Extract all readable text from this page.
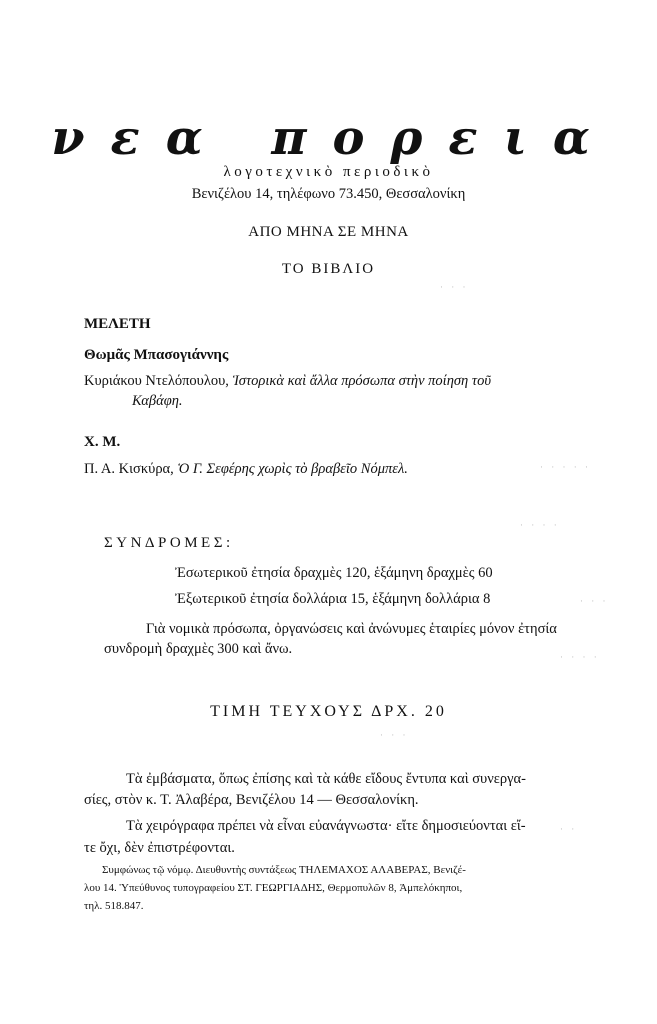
νεα πορεια
λογοτεχνικὸ περιοδικὸ
Βενιζέλου 14, τηλέφωνο 73.450, Θεσσαλονίκη
ΑΠΟ ΜΗΝΑ ΣΕ ΜΗΝΑ
ΤΟ ΒΙΒΛΙΟ
ΜΕΛΕΤΗ
Θωμᾶς Μπασογιάννης
Κυριάκου Ντελόπουλου, Ἱστορικὰ καὶ ἄλλα πρόσωπα στὴν ποίηση τοῦ
Καβάφη.
Χ. Μ.
Π. Α. Κισκύρα, Ὁ Γ. Σεφέρης χωρὶς τὸ βραβεῖο Νόμπελ.
ΣΥΝΔΡΟΜΕΣ:
Ἐσωτερικοῦ ἐτησία δραχμὲς 120, ἑξάμηνη δραχμὲς 60
Ἐξωτερικοῦ ἐτησία δολλάρια 15, ἑξάμηνη δολλάρια 8
Γιὰ νομικὰ πρόσωπα, ὀργανώσεις καὶ ἀνώνυμες ἑταιρίες μόνον ἐτησία
συνδρομὴ δραχμὲς 300 καὶ ἄνω.
ΤΙΜΗ ΤΕΥΧΟΥΣ ΔΡΧ. 20
Τὰ ἐμβάσματα, ὅπως ἐπίσης καὶ τὰ κάθε εἴδους ἔντυπα καὶ συνεργα-
σίες, στὸν κ. Τ. Ἀλαβέρα, Βενιζέλου 14 — Θεσσαλονίκη.
Τὰ χειρόγραφα πρέπει νὰ εἶναι εὐανάγνωστα· εἴτε δημοσιεύονται εἴ-
τε ὄχι, δὲν ἐπιστρέφονται.
Συμφώνως τῷ νόμῳ. Διευθυντὴς συντάξεως ΤΗΛΕΜΑΧΟΣ ΑΛΑΒΕΡΑΣ, Βενιζέ-
λου 14. Ὑπεύθυνος τυπογραφείου ΣΤ. ΓΕΩΡΓΙΑΔΗΣ, Θερμοπυλῶν 8, Ἀμπελόκηποι,
τηλ. 518.847.
· · ·
· · · · ·
· · · ·
· · ·
· · · ·
· · ·
· ·
